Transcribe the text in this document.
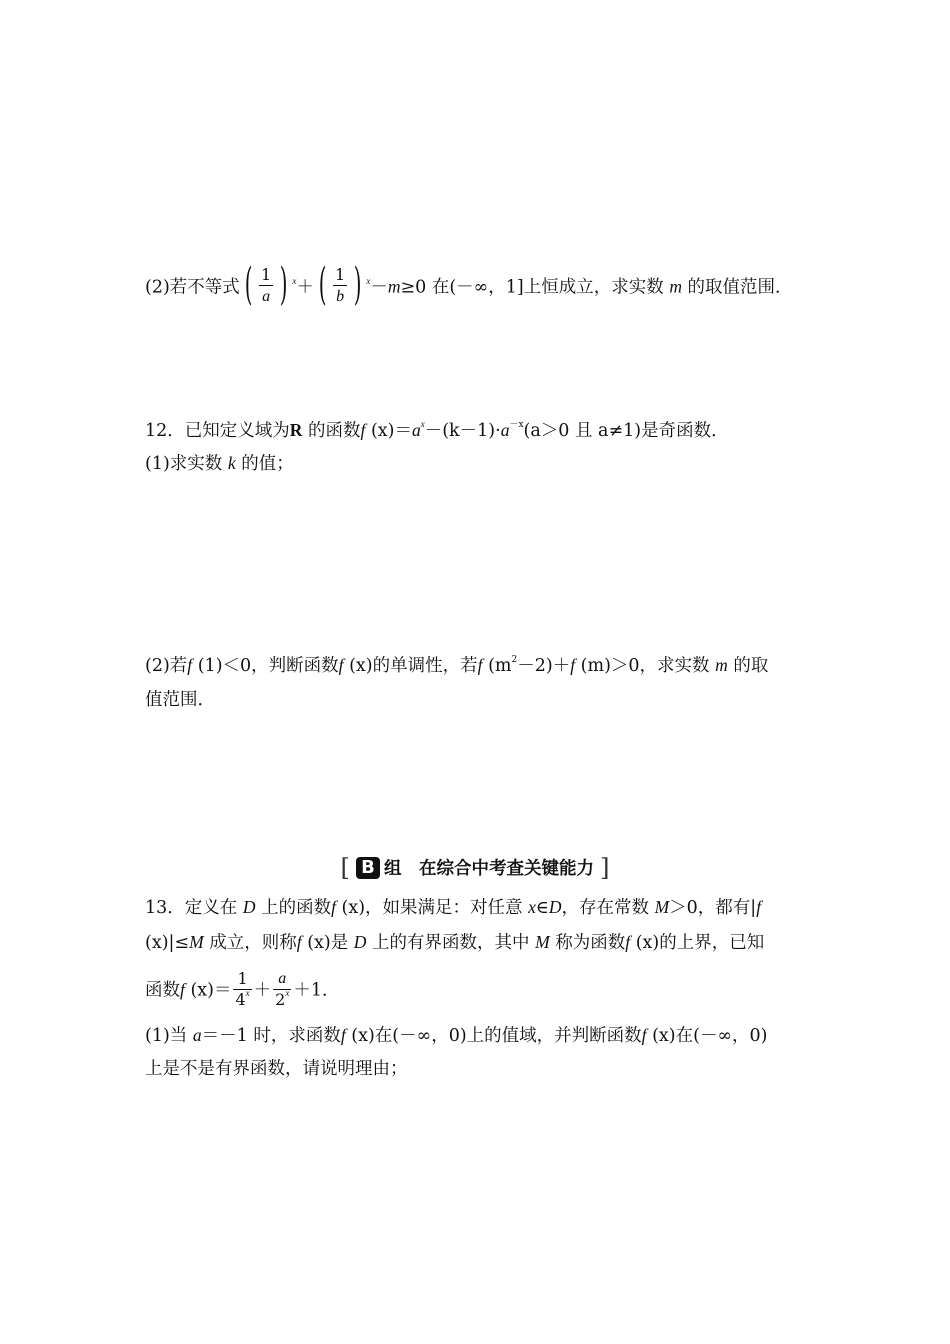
(2)若不等式 ( $\frac{1}{a}$ ) $^x$＋ ( $\frac{1}{b}$ ) $^x$－m≥0 在(－∞，1]上恒成立，求实数 m 的取值范围．
12．已知定义域为R 的函数f $(x)=a^x-(k-1)\cdot a^{-x}(a>0$ 且 a≠1)是奇函数．
(1)求实数 k 的值；
(2)若f (1)＜0，判断函数f (x)的单调性，若f $(m^2-2)+f$ (m)＞0，求实数 m 的取
值范围．
[ B 组　在综合中考查关键能力 ]
13．定义在 D 上的函数f (x)，如果满足：对任意 x∈D，存在常数 M＞0，都有|f
(x)|≤M 成立，则称f (x)是 D 上的有界函数，其中 M 称为函数f (x)的上界，已知
函数f $(x)= \frac{1}{4^x} + \frac{a}{2^x} +1$．
(1)当 a＝－1 时，求函数f (x)在(－∞，0)上的值域，并判断函数f (x)在(－∞，0)
上是不是有界函数，请说明理由；
